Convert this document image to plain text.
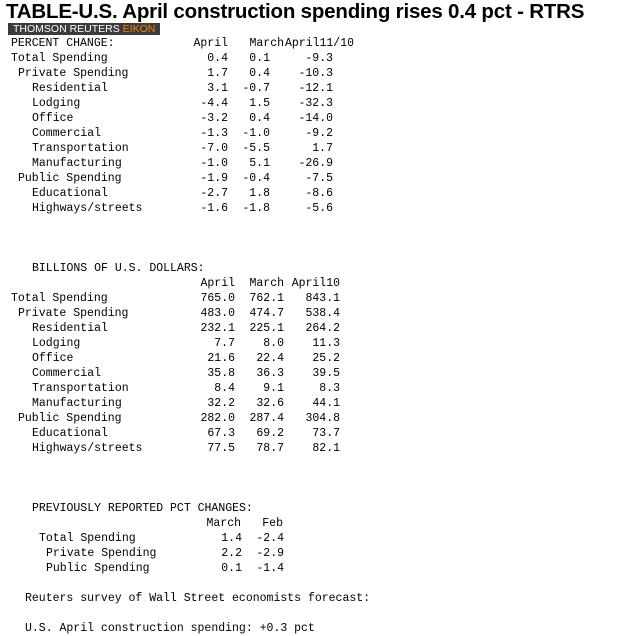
TABLE-U.S. April construction spending rises 0.4 pct - RTRS
THOMSON REUTERS EIKON
PERCENT CHANGE:	April MarchApril11/10
Total Spending	0.4 0.1	-9.3
Private Spending	1.7 0.4 -10.3
Residential	3.1 -0.7 -12.1
Lodging	-4.4 1.5 -32.3
Office	-3.2 0.4 -14.0
Commercial	-1.3 -1.0	-9.2
Transportation	-7.0 -5.5	1.7
Manufacturing	-1.0 5.1 -26.9
Public Spending	-1.9 -0.4	-7.5
Educational	-2.7 1.8	-8.6
Highways/streets	-1.6 -1.8	-5.6
BILLIONS OF U.S. DOLLARS:
April March April10
Total Spending	765.0 762.1 843.1
Private Spending	483.0 474.7 538.4
Residential	232.1 225.1 264.2
Lodging	7.7 8.0 11.3
Office	21.6 22.4 25.2
Commercial	35.8 36.3 39.5
Transportation	8.4 9.1	8.3
Manufacturing	32.2 32.6 44.1
Public Spending	282.0 287.4 304.8
Educational	67.3 69.2 73.7
Highways/streets	77.5 78.7 82.1
PREVIOUSLY REPORTED PCT CHANGES:
March Feb
Total Spending	1.4 -2.4
Private Spending	2.2 -2.9
Public Spending	0.1 -1.4
Reuters survey of Wall Street economists forecast:
U.S. April construction spending: +0.3 pct
